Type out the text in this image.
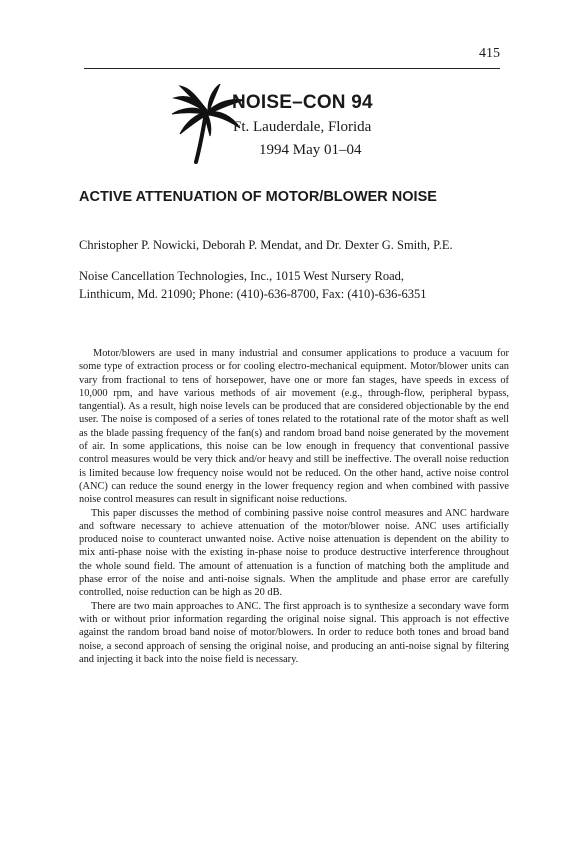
415
NOISE–CON 94
Ft. Lauderdale, Florida
1994 May 01–04
ACTIVE ATTENUATION OF MOTOR/BLOWER NOISE
Christopher P. Nowicki, Deborah P. Mendat, and Dr. Dexter G. Smith, P.E.
Noise Cancellation Technologies, Inc., 1015 West Nursery Road,
Linthicum, Md. 21090; Phone: (410)-636-8700, Fax: (410)-636-6351

Motor/blowers are used in many industrial and consumer applications to produce a vacuum for some type of extraction process or for cooling electro-mechanical equipment. Motor/blower units can vary from fractional to tens of horsepower, have one or more fan stages, have speeds in excess of 10,000 rpm, and have various methods of air movement (e.g., through-flow, peripheral bypass, tangential). As a result, high noise levels can be produced that are considered objectionable by the end user. The noise is composed of a series of tones related to the rotational rate of the motor shaft as well as the blade passing frequency of the fan(s) and random broad band noise generated by the movement of air. In some applications, this noise can be low enough in frequency that conventional passive control measures would be very thick and/or heavy and still be ineffective. The overall noise reduction is limited because low frequency noise would not be reduced. On the other hand, active noise control (ANC) can reduce the sound energy in the lower frequency region and when combined with passive noise control measures can result in significant noise reductions.

This paper discusses the method of combining passive noise control measures and ANC hardware and software necessary to achieve attenuation of the motor/blower noise. ANC uses artificially produced noise to counteract unwanted noise. Active noise attenuation is dependent on the ability to mix anti-phase noise with the existing in-phase noise to produce destructive interference throughout the whole sound field. The amount of attenuation is a function of matching both the amplitude and phase error of the noise and anti-noise signals. When the amplitude and phase error are carefully controlled, noise reduction can be high as 20 dB.

There are two main approaches to ANC. The first approach is to synthesize a secondary wave form with or without prior information regarding the original noise signal. This approach is not effective against the random broad band noise of motor/blowers. In order to reduce both tones and broad band noise, a second approach of sensing the original noise, and producing an anti-noise signal by filtering and injecting it back into the noise field is necessary.
